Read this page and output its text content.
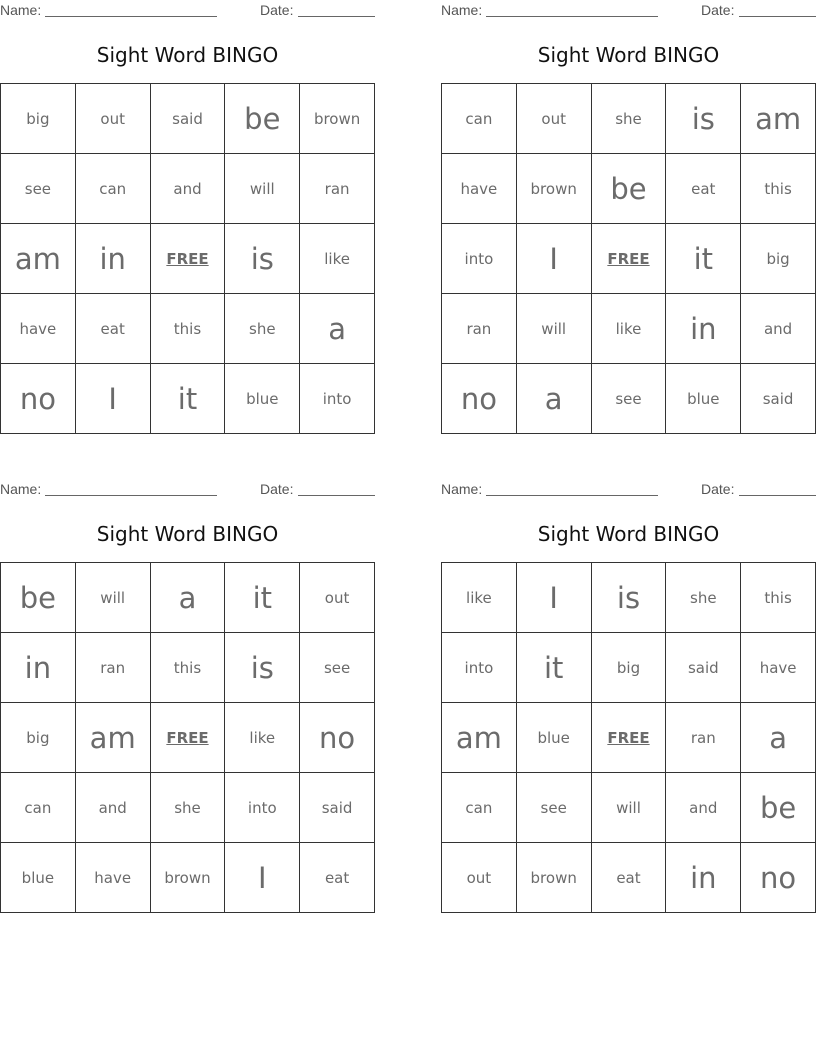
Name:	Date:
Sight Word BINGO
big	out	said	be	brown
see	can	and	will	ran
am	in	FREE	is	like
have	eat	this	she	a
no	I	it	blue	into
Name:	Date:
Sight Word BINGO
can	out	she	is	am
have	brown	be	eat	this
into	I	FREE	it	big
ran	will	like	in	and
no	a	see	blue	said
Name:	Date:
Sight Word BINGO
be	will	a	it	out
in	ran	this	is	see
big	am	FREE	like	no
can	and	she	into	said
blue	have	brown	I	eat
Name:	Date:
Sight Word BINGO
like	I	is	she	this
into	it	big	said	have
am	blue	FREE	ran	a
can	see	will	and	be
out	brown	eat	in	no
